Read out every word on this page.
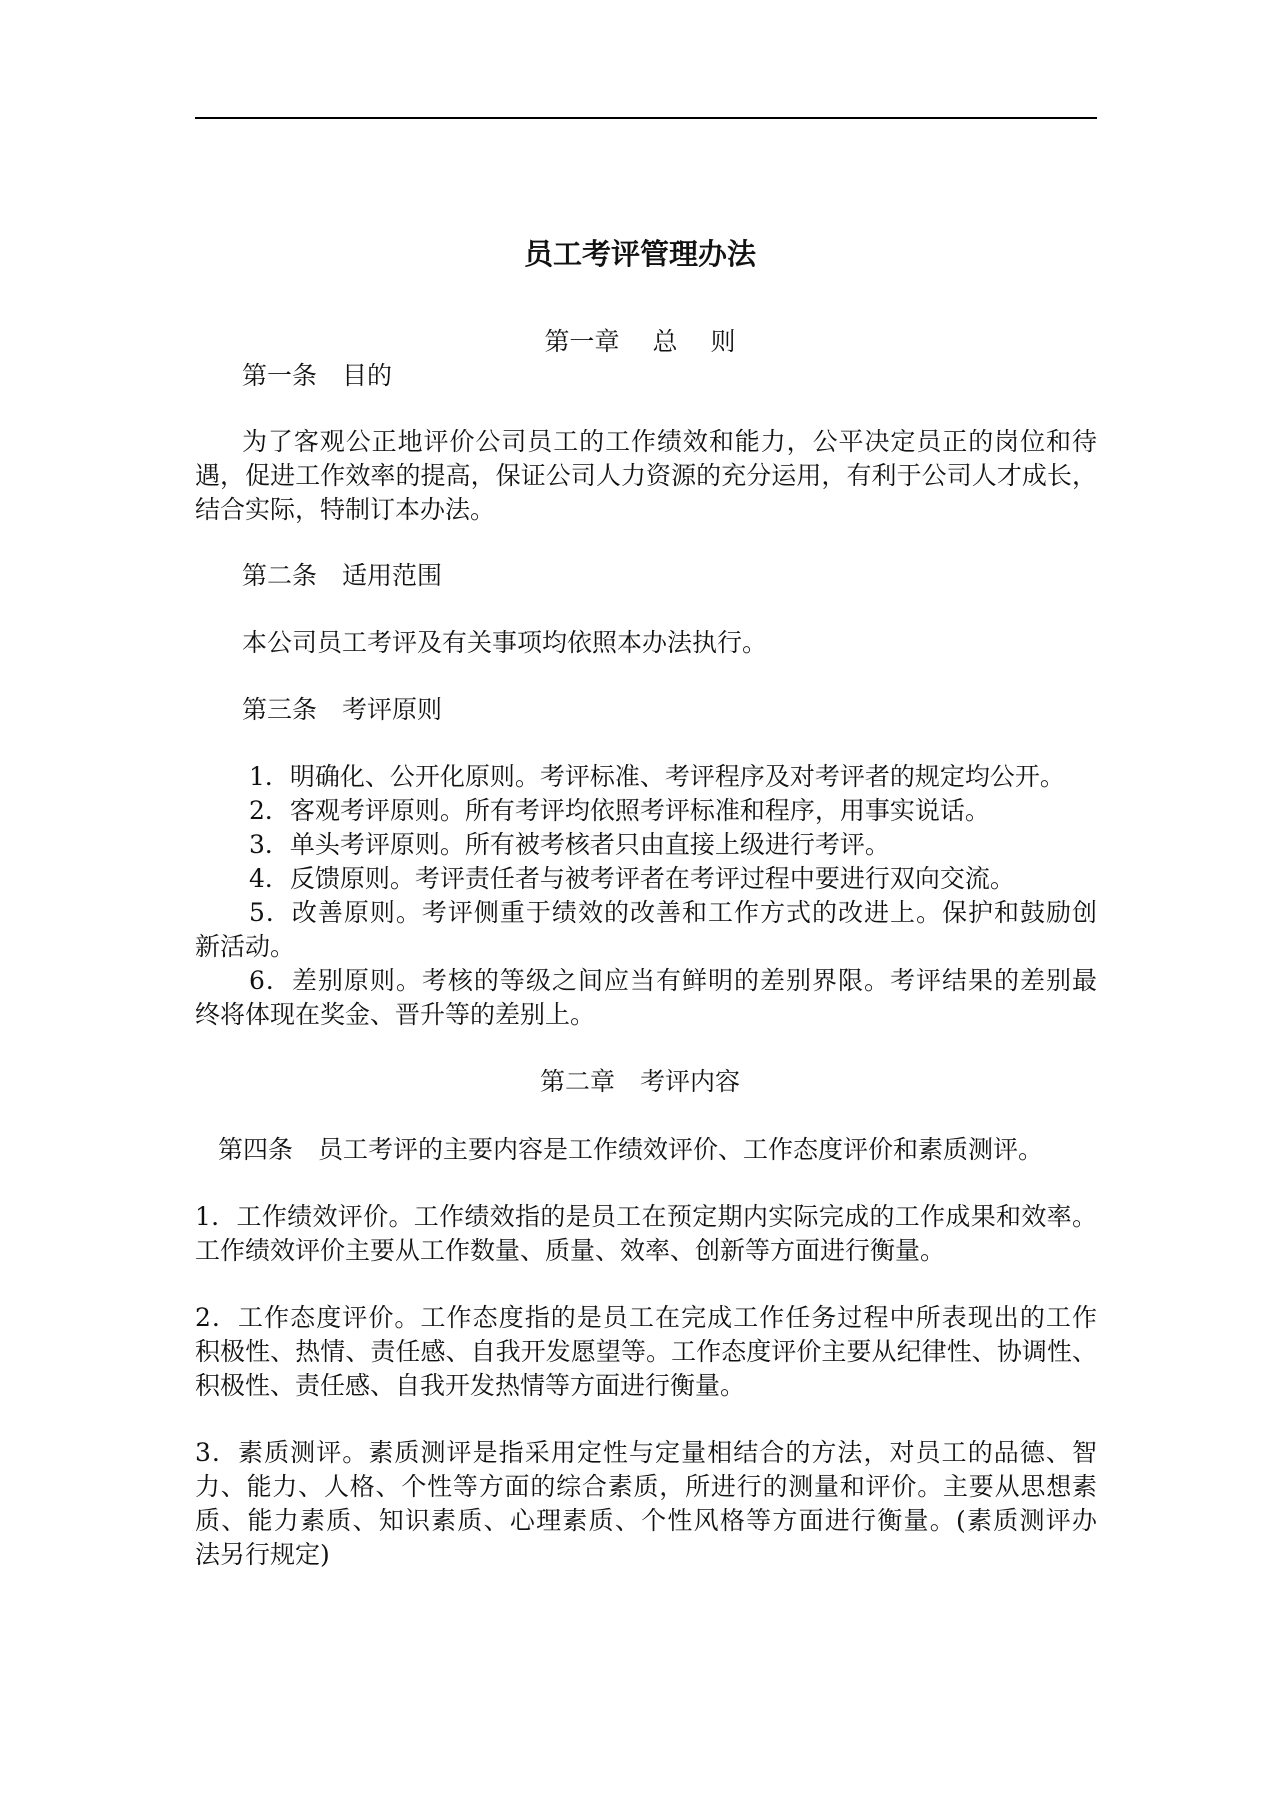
员工考评管理办法
第一章　 总　 则
第一条　目的
为了客观公正地评价公司员工的工作绩效和能力，公平决定员正的岗位和待
遇，促进工作效率的提高，保证公司人力资源的充分运用，有利于公司人才成长，
结合实际，特制订本办法。
第二条　适用范围
本公司员工考评及有关事项均依照本办法执行。
第三条　考评原则
1．明确化、公开化原则。考评标准、考评程序及对考评者的规定均公开。
2．客观考评原则。所有考评均依照考评标准和程序，用事实说话。
3．单头考评原则。所有被考核者只由直接上级进行考评。
4．反馈原则。考评责任者与被考评者在考评过程中要进行双向交流。
5．改善原则。考评侧重于绩效的改善和工作方式的改进上。保护和鼓励创
新活动。
6．差别原则。考核的等级之间应当有鲜明的差别界限。考评结果的差别最
终将体现在奖金、晋升等的差别上。
第二章　考评内容
第四条　员工考评的主要内容是工作绩效评价、工作态度评价和素质测评。
1．工作绩效评价。工作绩效指的是员工在预定期内实际完成的工作成果和效率。
工作绩效评价主要从工作数量、质量、效率、创新等方面进行衡量。
2．工作态度评价。工作态度指的是员工在完成工作任务过程中所表现出的工作
积极性、热情、责任感、自我开发愿望等。工作态度评价主要从纪律性、协调性、
积极性、责任感、自我开发热情等方面进行衡量。
3．素质测评。素质测评是指采用定性与定量相结合的方法，对员工的品德、智
力、能力、人格、个性等方面的综合素质，所进行的测量和评价。主要从思想素
质、能力素质、知识素质、心理素质、个性风格等方面进行衡量。(素质测评办
法另行规定)
